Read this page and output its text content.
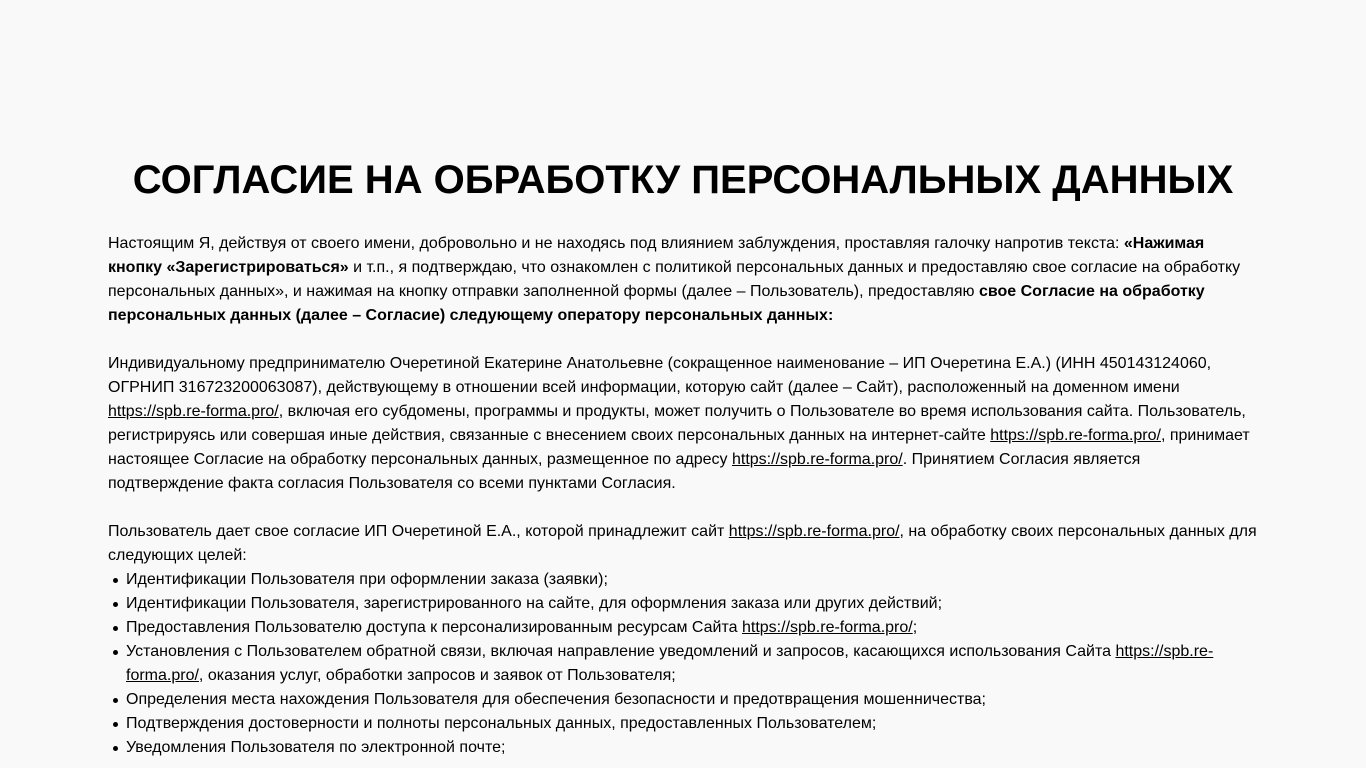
СОГЛАСИЕ НА ОБРАБОТКУ ПЕРСОНАЛЬНЫХ ДАННЫХ

Настоящим Я, действуя от своего имени, добровольно и не находясь под влиянием заблуждения, проставляя галочку напротив текста: «Нажимая кнопку «Зарегистрироваться» и т.п., я подтверждаю, что ознакомлен с политикой персональных данных и предоставляю свое согласие на обработку персональных данных», и нажимая на кнопку отправки заполненной формы (далее – Пользователь), предоставляю свое Согласие на обработку персональных данных (далее – Согласие) следующему оператору персональных данных:

Индивидуальному предпринимателю Очеретиной Екатерине Анатольевне (сокращенное наименование – ИП Очеретина Е.А.) (ИНН 450143124060, ОГРНИП 316723200063087), действующему в отношении всей информации, которую сайт (далее – Сайт), расположенный на доменном имени https://spb.re-forma.pro/, включая его субдомены, программы и продукты, может получить о Пользователе во время использования сайта. Пользователь, регистрируясь или совершая иные действия, связанные с внесением своих персональных данных на интернет-сайте https://spb.re-forma.pro/, принимает настоящее Согласие на обработку персональных данных, размещенное по адресу https://spb.re-forma.pro/. Принятием Согласия является подтверждение факта согласия Пользователя со всеми пунктами Согласия.

Пользователь дает свое согласие ИП Очеретиной Е.А., которой принадлежит сайт https://spb.re-forma.pro/, на обработку своих персональных данных для следующих целей:

Идентификации Пользователя при оформлении заказа (заявки);
Идентификации Пользователя, зарегистрированного на сайте, для оформления заказа или других действий;
Предоставления Пользователю доступа к персонализированным ресурсам Сайта https://spb.re-forma.pro/;
Установления с Пользователем обратной связи, включая направление уведомлений и запросов, касающихся использования Сайта https://spb.re-forma.pro/, оказания услуг, обработки запросов и заявок от Пользователя;
Определения места нахождения Пользователя для обеспечения безопасности и предотвращения мошенничества;
Подтверждения достоверности и полноты персональных данных, предоставленных Пользователем;
Уведомления Пользователя по электронной почте;
